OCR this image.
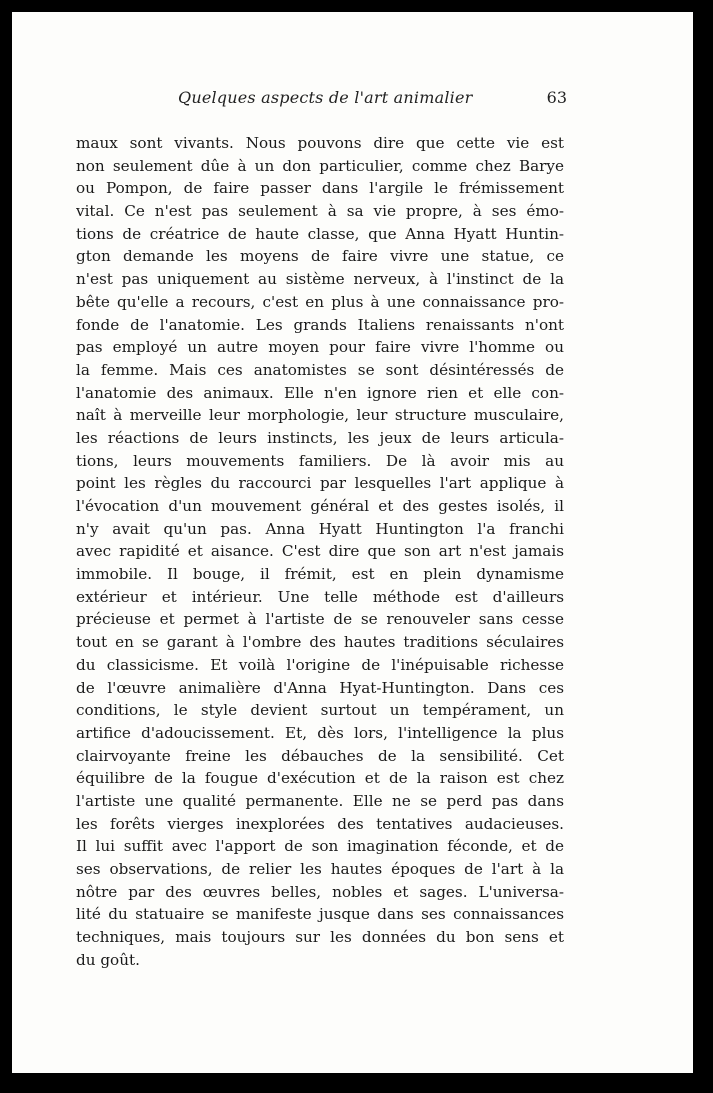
Quelques aspects de l'art animalier	63
maux sont vivants. Nous pouvons dire que cette vie est
non seulement dûe à un don particulier, comme chez Barye
ou Pompon, de faire passer dans l'argile le frémissement
vital. Ce n'est pas seulement à sa vie propre, à ses émo-
tions de créatrice de haute classe, que Anna Hyatt Huntin-
gton demande les moyens de faire vivre une statue, ce
n'est pas uniquement au sistème nerveux, à l'instinct de la
bête qu'elle a recours, c'est en plus à une connaissance pro-
fonde de l'anatomie. Les grands Italiens renaissants n'ont
pas employé un autre moyen pour faire vivre l'homme ou
la femme. Mais ces anatomistes se sont désintéressés de
l'anatomie des animaux. Elle n'en ignore rien et elle con-
naît à merveille leur morphologie, leur structure musculaire,
les réactions de leurs instincts, les jeux de leurs articula-
tions, leurs mouvements familiers. De là avoir mis au
point les règles du raccourci par lesquelles l'art applique à
l'évocation d'un mouvement général et des gestes isolés, il
n'y avait qu'un pas. Anna Hyatt Huntington l'a franchi
avec rapidité et aisance. C'est dire que son art n'est jamais
immobile. Il bouge, il frémit, est en plein dynamisme
extérieur et intérieur. Une telle méthode est d'ailleurs
précieuse et permet à l'artiste de se renouveler sans cesse
tout en se garant à l'ombre des hautes traditions séculaires
du classicisme. Et voilà l'origine de l'inépuisable richesse
de l'œuvre animalière d'Anna Hyat-Huntington. Dans ces
conditions, le style devient surtout un tempérament, un
artifice d'adoucissement. Et, dès lors, l'intelligence la plus
clairvoyante freine les débauches de la sensibilité. Cet
équilibre de la fougue d'exécution et de la raison est chez
l'artiste une qualité permanente. Elle ne se perd pas dans
les forêts vierges inexplorées des tentatives audacieuses.
Il lui suffit avec l'apport de son imagination féconde, et de
ses observations, de relier les hautes époques de l'art à la
nôtre par des œuvres belles, nobles et sages. L'universa-
lité du statuaire se manifeste jusque dans ses connaissances
techniques, mais toujours sur les données du bon sens et
du goût.
